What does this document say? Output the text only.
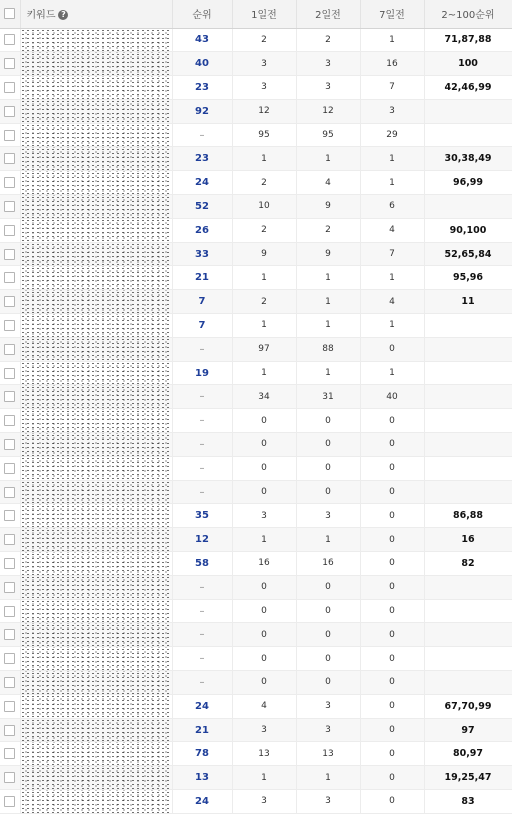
	키워드 ?	순위	1일전	2일전	7일전	2~100순위
		43	2	2	1	71,87,88
		40	3	3	16	100
		23	3	3	7	42,46,99
		92	12	12	3	
		–	95	95	29	
		23	1	1	1	30,38,49
		24	2	4	1	96,99
		52	10	9	6	
		26	2	2	4	90,100
		33	9	9	7	52,65,84
		21	1	1	1	95,96
		7	2	1	4	11
		7	1	1	1	
		–	97	88	0	
		19	1	1	1	
		–	34	31	40	
		–	0	0	0	
		–	0	0	0	
		–	0	0	0	
		–	0	0	0	
		35	3	3	0	86,88
		12	1	1	0	16
		58	16	16	0	82
		–	0	0	0	
		–	0	0	0	
		–	0	0	0	
		–	0	0	0	
		–	0	0	0	
		24	4	3	0	67,70,99
		21	3	3	0	97
		78	13	13	0	80,97
		13	1	1	0	19,25,47
		24	3	3	0	83
